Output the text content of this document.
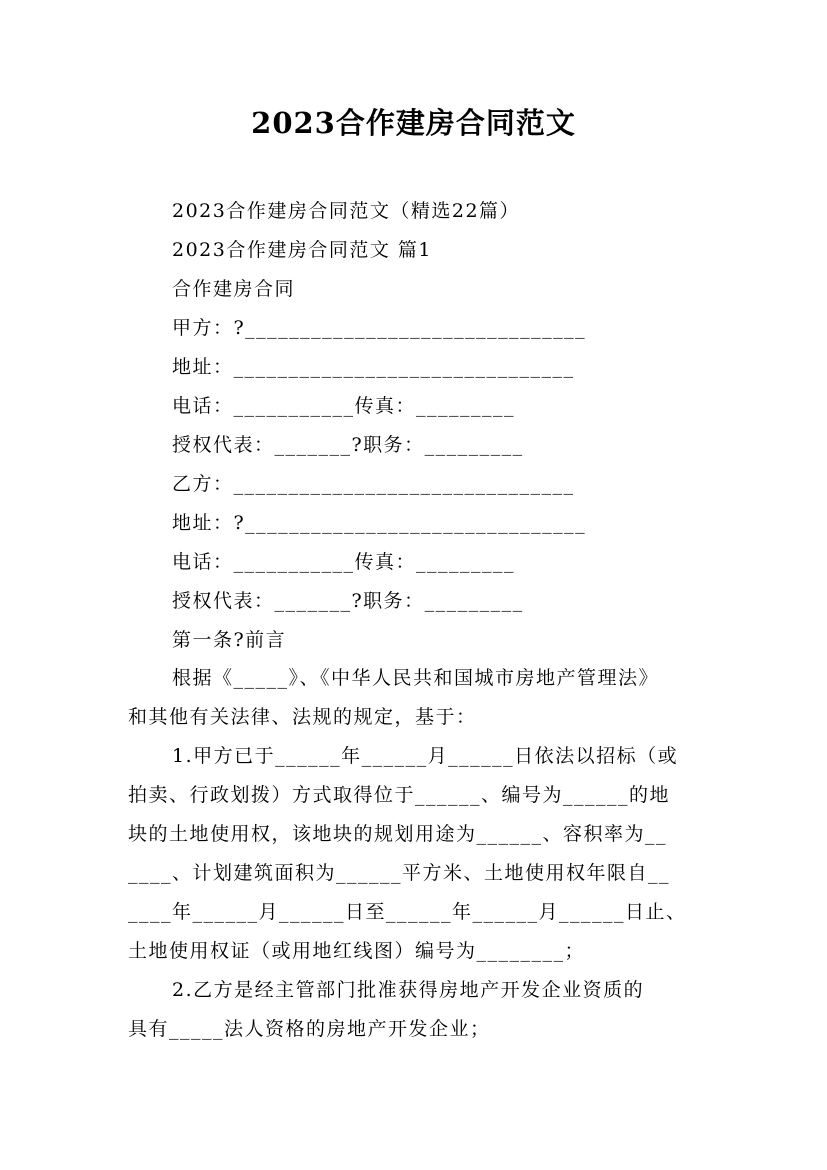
2023合作建房合同范文
2023合作建房合同范文（精选22篇）
2023合作建房合同范文 篇1
合作建房合同
甲方：?_______________________________
地址：_______________________________
电话：___________传真：_________
授权代表：_______?职务：_________
乙方：_______________________________
地址：?_______________________________
电话：___________传真：_________
授权代表：_______?职务：_________
第一条?前言
根据《_____》、《中华人民共和国城市房地产管理法》
和其他有关法律、法规的规定，基于：
1.甲方已于______年______月______日依法以招标（或
拍卖、行政划拨）方式取得位于______、编号为______的地
块的土地使用权，该地块的规划用途为______、容积率为__
____、计划建筑面积为______平方米、土地使用权年限自__
____年______月______日至______年______月______日止、
土地使用权证（或用地红线图）编号为________；
2.乙方是经主管部门批准获得房地产开发企业资质的
具有_____法人资格的房地产开发企业；
